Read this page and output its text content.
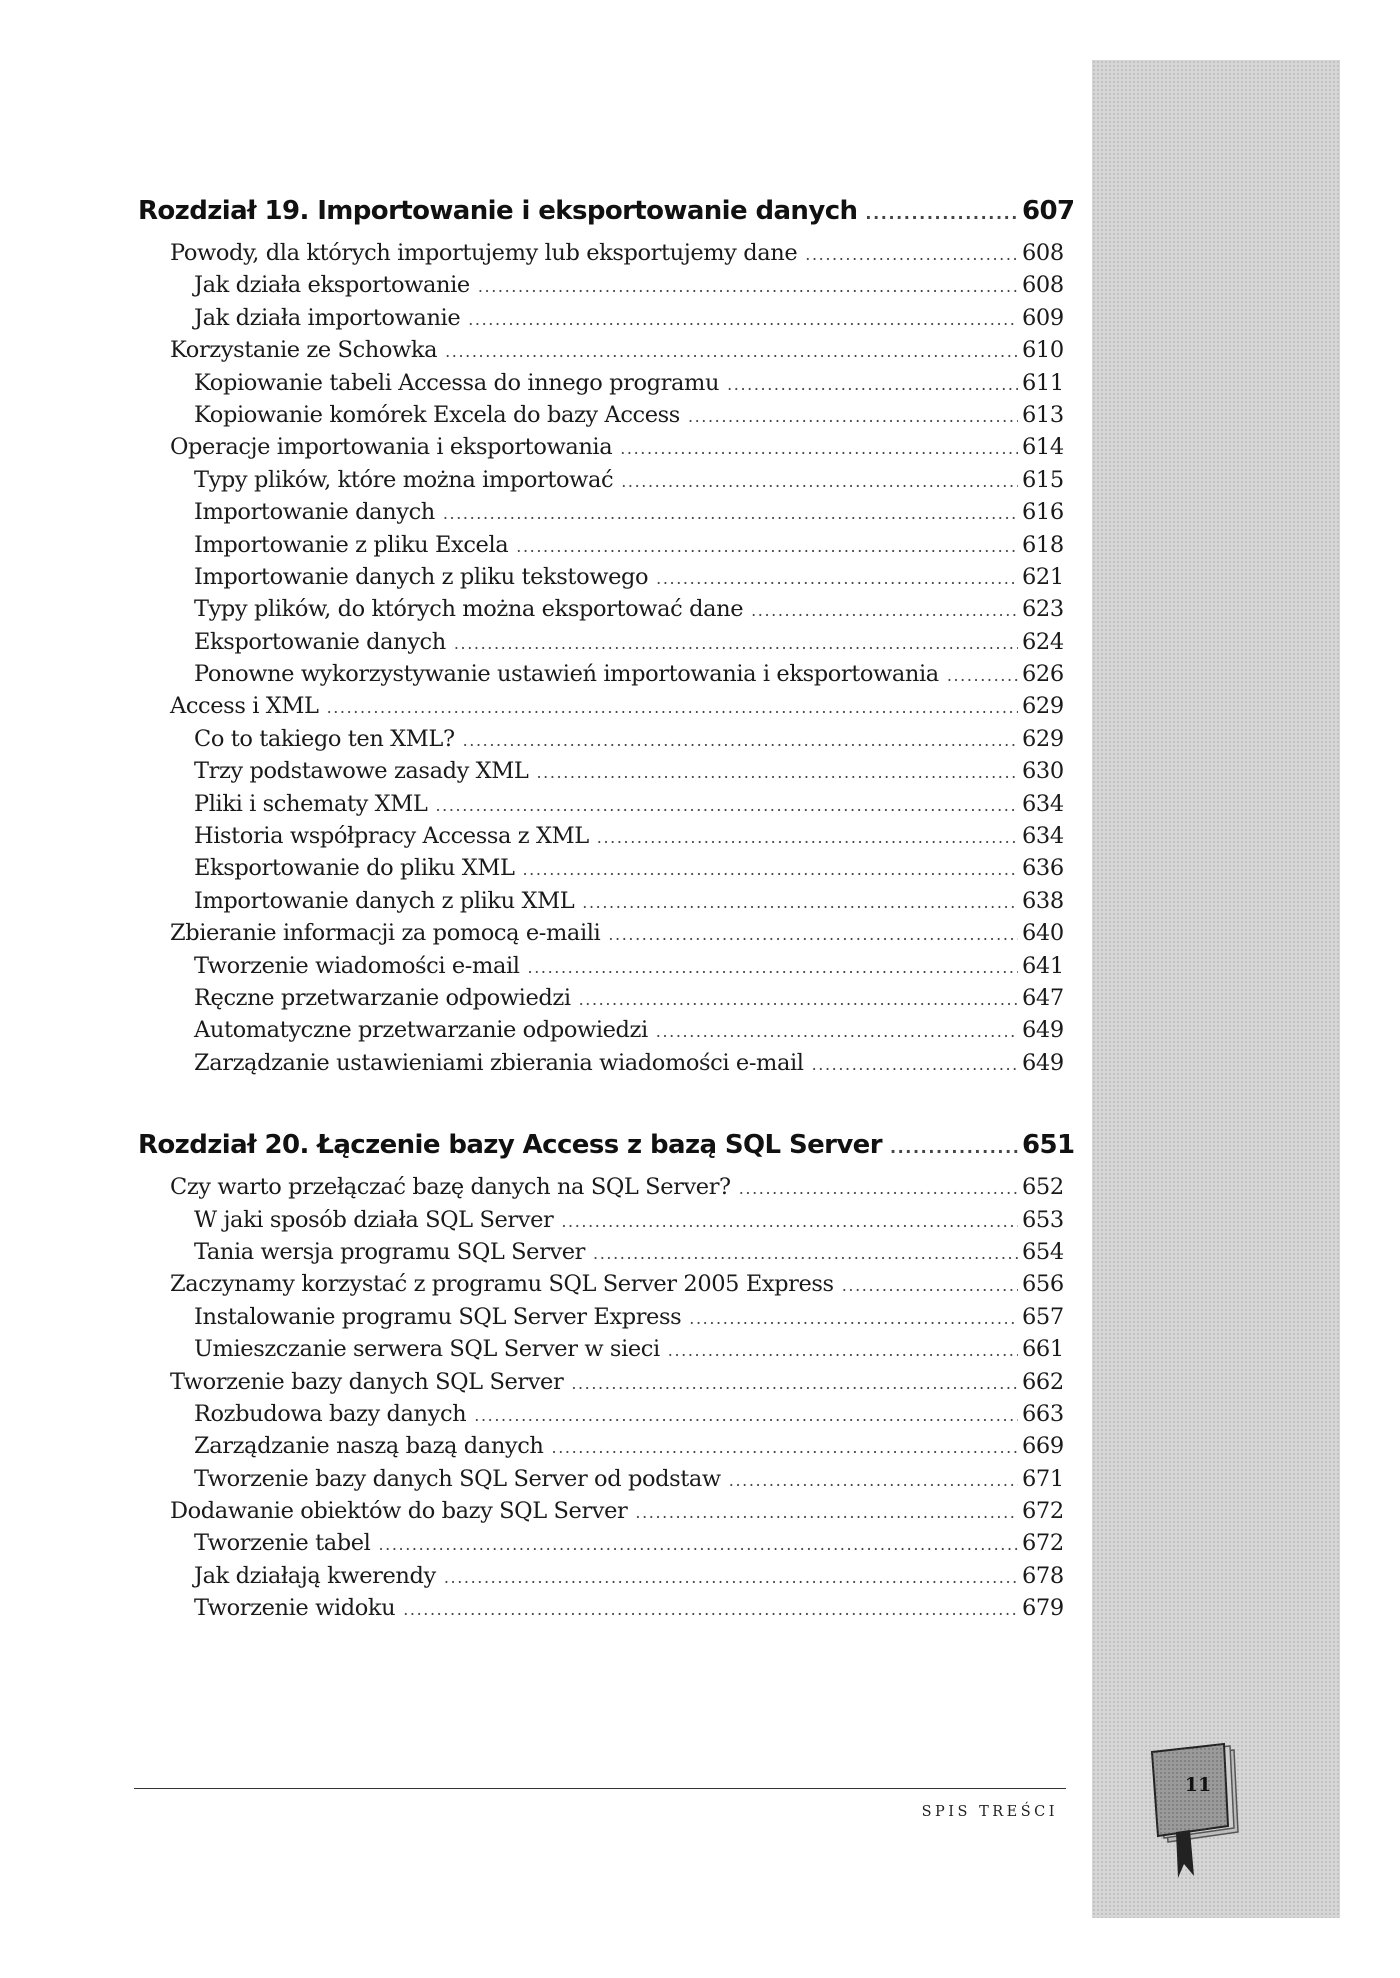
Rozdział 19. Importowanie i eksportowanie danych .....	607
Powody, dla których importujemy lub eksportujemy dane .....	608
Jak działa eksportowanie .....	608
Jak działa importowanie .....	609
Korzystanie ze Schowka .....	610
Kopiowanie tabeli Accessa do innego programu .....	611
Kopiowanie komórek Excela do bazy Access .....	613
Operacje importowania i eksportowania .....	614
Typy plików, które można importować .....	615
Importowanie danych .....	616
Importowanie z pliku Excela .....	618
Importowanie danych z pliku tekstowego .....	621
Typy plików, do których można eksportować dane .....	623
Eksportowanie danych .....	624
Ponowne wykorzystywanie ustawień importowania i eksportowania .....	626
Access i XML .....	629
Co to takiego ten XML? .....	629
Trzy podstawowe zasady XML .....	630
Pliki i schematy XML .....	634
Historia współpracy Accessa z XML .....	634
Eksportowanie do pliku XML .....	636
Importowanie danych z pliku XML .....	638
Zbieranie informacji za pomocą e-maili .....	640
Tworzenie wiadomości e-mail .....	641
Ręczne przetwarzanie odpowiedzi .....	647
Automatyczne przetwarzanie odpowiedzi .....	649
Zarządzanie ustawieniami zbierania wiadomości e-mail .....	649
Rozdział 20. Łączenie bazy Access z bazą SQL Server .....	651
Czy warto przełączać bazę danych na SQL Server? .....	652
W jaki sposób działa SQL Server .....	653
Tania wersja programu SQL Server .....	654
Zaczynamy korzystać z programu SQL Server 2005 Express .....	656
Instalowanie programu SQL Server Express .....	657
Umieszczanie serwera SQL Server w sieci .....	661
Tworzenie bazy danych SQL Server .....	662
Rozbudowa bazy danych .....	663
Zarządzanie naszą bazą danych .....	669
Tworzenie bazy danych SQL Server od podstaw .....	671
Dodawanie obiektów do bazy SQL Server .....	672
Tworzenie tabel .....	672
Jak działają kwerendy .....	678
Tworzenie widoku .....	679
SPIS TREŚCI
11
